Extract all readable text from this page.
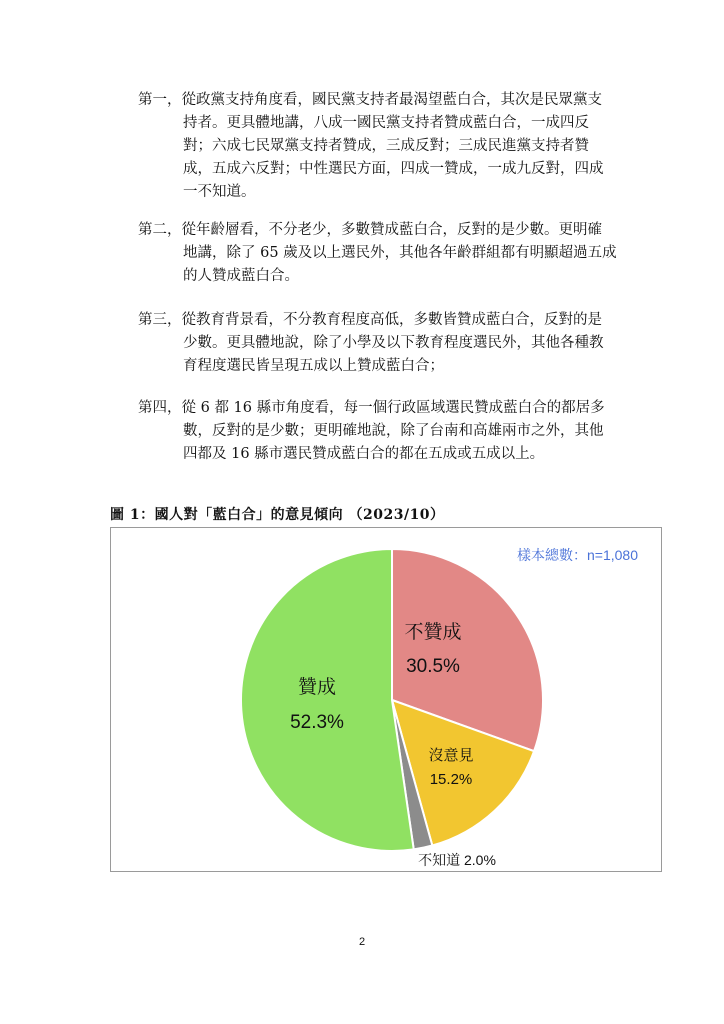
第一，從政黨支持角度看，國民黨支持者最渴望藍白合，其次是民眾黨支
持者。更具體地講，八成一國民黨支持者贊成藍白合，一成四反
對；六成七民眾黨支持者贊成，三成反對；三成民進黨支持者贊
成，五成六反對；中性選民方面，四成一贊成，一成九反對，四成
一不知道。
第二，從年齡層看，不分老少，多數贊成藍白合，反對的是少數。更明確
地講，除了 65 歲及以上選民外，其他各年齡群組都有明顯超過五成
的人贊成藍白合。
第三，從教育背景看，不分教育程度高低，多數皆贊成藍白合，反對的是
少數。更具體地說，除了小學及以下教育程度選民外，其他各種教
育程度選民皆呈現五成以上贊成藍白合；
第四，從 6 都 16 縣市角度看，每一個行政區域選民贊成藍白合的都居多
數，反對的是少數；更明確地說，除了台南和高雄兩市之外，其他
四都及 16 縣市選民贊成藍白合的都在五成或五成以上。
圖 1：國人對「藍白合」的意見傾向 （2023/10）
不贊成
30.5%
沒意見
15.2%
贊成
52.3%
不知道 2.0%
樣本總數：n=1,080
2
